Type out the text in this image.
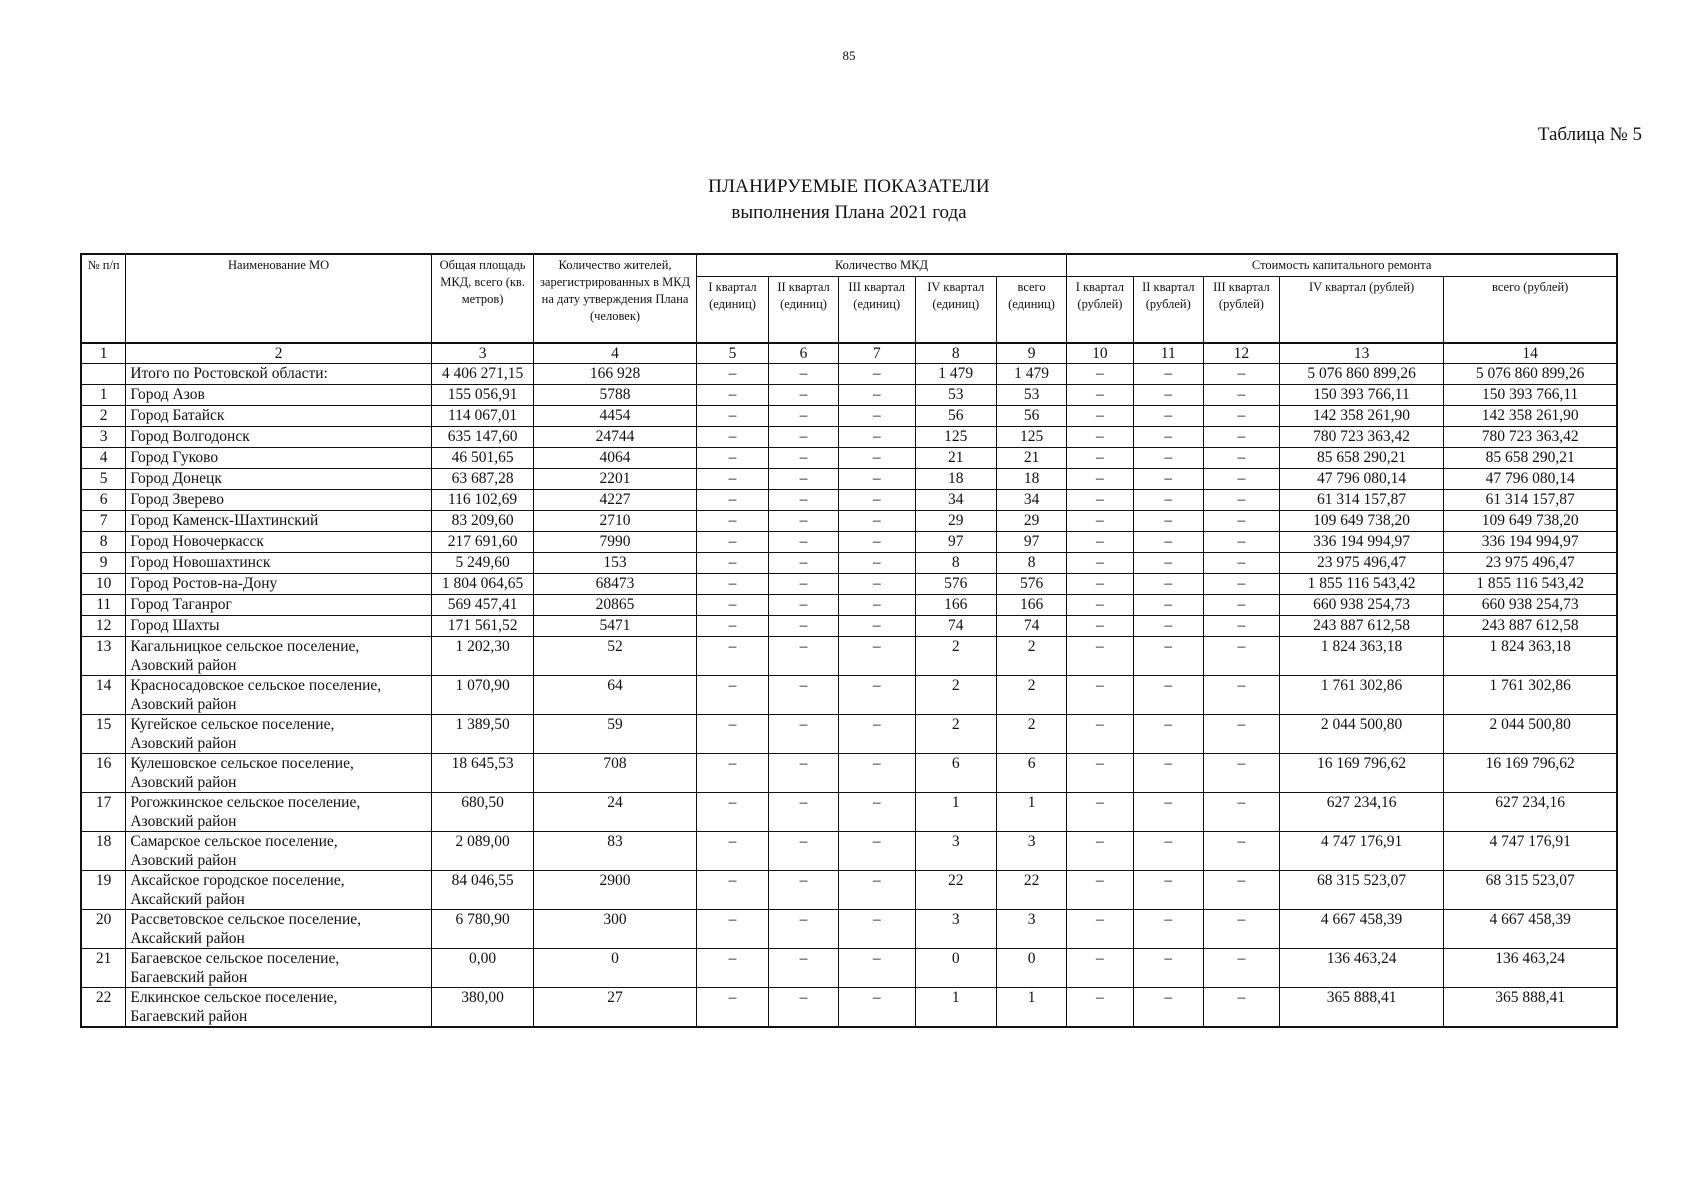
85
Таблица № 5
ПЛАНИРУЕМЫЕ ПОКАЗАТЕЛИ
выполнения Плана 2021 года
№ п/п	Наименование МО	Общая площадь МКД, всего (кв. метров)	Количество жителей, зарегистрированных в МКД на дату утверждения Плана (человек)	Количество МКД					Стоимость капитального ремонта				
				I квартал (единиц)	II квартал (единиц)	III квартал (единиц)	IV квартал (единиц)	всего (единиц)	I квартал (рублей)	II квартал (рублей)	III квартал (рублей)	IV квартал (рублей)	всего (рублей)
1	2	3	4	5	6	7	8	9	10	11	12	13	14
	Итого по Ростовской области:	4 406 271,15	166 928	–	–	–	1 479	1 479	–	–	–	5 076 860 899,26	5 076 860 899,26
1	Город Азов	155 056,91	5788	–	–	–	53	53	–	–	–	150 393 766,11	150 393 766,11
2	Город Батайск	114 067,01	4454	–	–	–	56	56	–	–	–	142 358 261,90	142 358 261,90
3	Город Волгодонск	635 147,60	24744	–	–	–	125	125	–	–	–	780 723 363,42	780 723 363,42
4	Город Гуково	46 501,65	4064	–	–	–	21	21	–	–	–	85 658 290,21	85 658 290,21
5	Город Донецк	63 687,28	2201	–	–	–	18	18	–	–	–	47 796 080,14	47 796 080,14
6	Город Зверево	116 102,69	4227	–	–	–	34	34	–	–	–	61 314 157,87	61 314 157,87
7	Город Каменск-Шахтинский	83 209,60	2710	–	–	–	29	29	–	–	–	109 649 738,20	109 649 738,20
8	Город Новочеркасск	217 691,60	7990	–	–	–	97	97	–	–	–	336 194 994,97	336 194 994,97
9	Город Новошахтинск	5 249,60	153	–	–	–	8	8	–	–	–	23 975 496,47	23 975 496,47
10	Город Ростов-на-Дону	1 804 064,65	68473	–	–	–	576	576	–	–	–	1 855 116 543,42	1 855 116 543,42
11	Город Таганрог	569 457,41	20865	–	–	–	166	166	–	–	–	660 938 254,73	660 938 254,73
12	Город Шахты	171 561,52	5471	–	–	–	74	74	–	–	–	243 887 612,58	243 887 612,58
13	Кагальницкое сельское поселение,
Азовский район	1 202,30	52	–	–	–	2	2	–	–	–	1 824 363,18	1 824 363,18
14	Красносадовское сельское поселение,
Азовский район	1 070,90	64	–	–	–	2	2	–	–	–	1 761 302,86	1 761 302,86
15	Кугейское сельское поселение,
Азовский район	1 389,50	59	–	–	–	2	2	–	–	–	2 044 500,80	2 044 500,80
16	Кулешовское сельское поселение,
Азовский район	18 645,53	708	–	–	–	6	6	–	–	–	16 169 796,62	16 169 796,62
17	Рогожкинское сельское поселение,
Азовский район	680,50	24	–	–	–	1	1	–	–	–	627 234,16	627 234,16
18	Самарское сельское поселение,
Азовский район	2 089,00	83	–	–	–	3	3	–	–	–	4 747 176,91	4 747 176,91
19	Аксайское городское поселение,
Аксайский район	84 046,55	2900	–	–	–	22	22	–	–	–	68 315 523,07	68 315 523,07
20	Рассветовское сельское поселение,
Аксайский район	6 780,90	300	–	–	–	3	3	–	–	–	4 667 458,39	4 667 458,39
21	Багаевское сельское поселение,
Багаевский район	0,00	0	–	–	–	0	0	–	–	–	136 463,24	136 463,24
22	Елкинское сельское поселение,
Багаевский район	380,00	27	–	–	–	1	1	–	–	–	365 888,41	365 888,41
